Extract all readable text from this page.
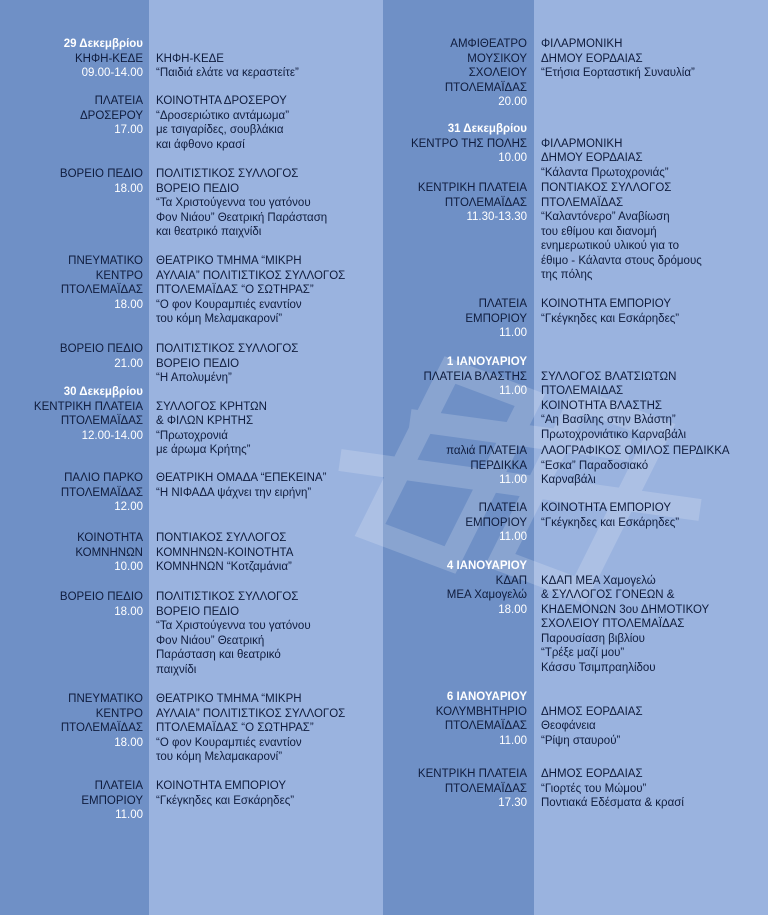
29 Δεκεμβρίου
ΚΗΦΗ-ΚΕΔΕ
09.00-14.00
ΚΗΦΗ-ΚΕΔΕ
“Παιδιά ελάτε να κεραστείτε”
ΠΛΑΤΕΙΑ
ΔΡΟΣΕΡΟΥ
17.00
ΚΟΙΝΟΤΗΤΑ ΔΡΟΣΕΡΟΥ
“Δροσεριώτικο αντάμωμα”
με τσιγαρίδες, σουβλάκια
και άφθονο κρασί
ΒΟΡΕΙΟ ΠΕΔΙΟ
18.00
ΠΟΛΙΤΙΣΤΙΚΟΣ ΣΥΛΛΟΓΟΣ
ΒΟΡΕΙΟ ΠΕΔΙΟ
“Τα Χριστούγεννα του γατόνου
Φον Νιάου” Θεατρική Παράσταση
και θεατρικό παιχνίδι
ΠΝΕΥΜΑΤΙΚΟ
ΚΕΝΤΡΟ
ΠΤΟΛΕΜΑΪΔΑΣ
18.00
ΘΕΑΤΡΙΚΟ ΤΜΗΜΑ “ΜΙΚΡΗ
ΑΥΛΑΙΑ” ΠΟΛΙΤΙΣΤΙΚΟΣ ΣΥΛΛΟΓΟΣ
ΠΤΟΛΕΜΑΪΔΑΣ “Ο ΣΩΤΗΡΑΣ”
“Ο φον Κουραμπιές εναντίον
του κόμη Μελαμακαρονί”
ΒΟΡΕΙΟ ΠΕΔΙΟ
21.00
ΠΟΛΙΤΙΣΤΙΚΟΣ ΣΥΛΛΟΓΟΣ
ΒΟΡΕΙΟ ΠΕΔΙΟ
“Η Απολυμένη”
30 Δεκεμβρίου
ΚΕΝΤΡΙΚΗ ΠΛΑΤΕΙΑ
ΠΤΟΛΕΜΑΪΔΑΣ
12.00-14.00
ΣΥΛΛΟΓΟΣ ΚΡΗΤΩΝ
& ΦΙΛΩΝ ΚΡΗΤΗΣ
“Πρωτοχρονιά
με άρωμα Κρήτης”
ΠΑΛΙΟ ΠΑΡΚΟ
ΠΤΟΛΕΜΑΪΔΑΣ
12.00
ΘΕΑΤΡΙΚΗ ΟΜΑΔΑ “ΕΠΕΚΕΙΝΑ”
“Η ΝΙΦΑΔΑ ψάχνει την ειρήνη”
ΚΟΙΝΟΤΗΤΑ
ΚΟΜΝΗΝΩΝ
10.00
ΠΟΝΤΙΑΚΟΣ ΣΥΛΛΟΓΟΣ
ΚΟΜΝΗΝΩΝ-ΚΟΙΝΟΤΗΤΑ
ΚΟΜΝΗΝΩΝ “Κοτζαμάνια”
ΒΟΡΕΙΟ ΠΕΔΙΟ
18.00
ΠΟΛΙΤΙΣΤΙΚΟΣ ΣΥΛΛΟΓΟΣ
ΒΟΡΕΙΟ ΠΕΔΙΟ
“Τα Χριστούγεννα του γατόνου
Φον Νιάου” Θεατρική
Παράσταση και θεατρικό
παιχνίδι
ΠΝΕΥΜΑΤΙΚΟ
ΚΕΝΤΡΟ
ΠΤΟΛΕΜΑΪΔΑΣ
18.00
ΘΕΑΤΡΙΚΟ ΤΜΗΜΑ “ΜΙΚΡΗ
ΑΥΛΑΙΑ” ΠΟΛΙΤΙΣΤΙΚΟΣ ΣΥΛΛΟΓΟΣ
ΠΤΟΛΕΜΑΪΔΑΣ “Ο ΣΩΤΗΡΑΣ”
“Ο φον Κουραμπιές εναντίον
του κόμη Μελαμακαρονί”
ΠΛΑΤΕΙΑ
ΕΜΠΟΡΙΟΥ
11.00
ΚΟΙΝΟΤΗΤΑ ΕΜΠΟΡΙΟΥ
“Γκέγκηδες και Εσκάρηδες”
ΑΜΦΙΘΕΑΤΡΟ
ΜΟΥΣΙΚΟΥ
ΣΧΟΛΕΙΟΥ
ΠΤΟΛΕΜΑΪΔΑΣ
20.00
ΦΙΛΑΡΜΟΝΙΚΗ
ΔΗΜΟΥ ΕΟΡΔΑΙΑΣ
“Ετήσια Εορταστική Συναυλία”
31 Δεκεμβρίου
ΚΕΝΤΡΟ ΤΗΣ ΠΟΛΗΣ
10.00
ΦΙΛΑΡΜΟΝΙΚΗ
ΔΗΜΟΥ ΕΟΡΔΑΙΑΣ
“Κάλαντα Πρωτοχρονιάς”
ΚΕΝΤΡΙΚΗ ΠΛΑΤΕΙΑ
ΠΤΟΛΕΜΑΪΔΑΣ
11.30-13.30
ΠΟΝΤΙΑΚΟΣ ΣΥΛΛΟΓΟΣ
ΠΤΟΛΕΜΑΪΔΑΣ
“Καλαντόνερο” Αναβίωση
του εθίμου και διανομή
ενημερωτικού υλικού για το
έθιμο - Κάλαντα στους δρόμους
της πόλης
ΠΛΑΤΕΙΑ
ΕΜΠΟΡΙΟΥ
11.00
ΚΟΙΝΟΤΗΤΑ ΕΜΠΟΡΙΟΥ
“Γκέγκηδες και Εσκάρηδες”
1 ΙΑΝΟΥΑΡΙΟΥ
ΠΛΑΤΕΙΑ ΒΛΑΣΤΗΣ
11.00
ΣΥΛΛΟΓΟΣ ΒΛΑΤΣΙΩΤΩΝ
ΠΤΟΛΕΜΑΙΔΑΣ
ΚΟΙΝΟΤΗΤΑ ΒΛΑΣΤΗΣ
“Αη Βασίλης στην Βλάστη”
Πρωτοχρονιάτικο Καρναβάλι
παλιά ΠΛΑΤΕΙΑ
ΠΕΡΔΙΚΚΑ
11.00
ΛΑΟΓΡΑΦΙΚΟΣ ΟΜΙΛΟΣ ΠΕΡΔΙΚΚΑ
“Εσκα” Παραδοσιακό
Καρναβάλι
ΠΛΑΤΕΙΑ
ΕΜΠΟΡΙΟΥ
11.00
ΚΟΙΝΟΤΗΤΑ ΕΜΠΟΡΙΟΥ
“Γκέγκηδες και Εσκάρηδες”
4 ΙΑΝΟΥΑΡΙΟΥ
ΚΔΑΠ
ΜΕΑ Χαμογελώ
18.00
ΚΔΑΠ ΜΕΑ Χαμογελώ
& ΣΥΛΛΟΓΟΣ ΓΟΝΕΩΝ &
ΚΗΔΕΜΟΝΩΝ 3ου ΔΗΜΟΤΙΚΟΥ
ΣΧΟΛΕΙΟΥ ΠΤΟΛΕΜΑΪΔΑΣ
Παρουσίαση βιβλίου
“Τρέξε μαζί μου”
Κάσσυ Τσιμπραηλίδου
6 ΙΑΝΟΥΑΡΙΟΥ
ΚΟΛΥΜΒΗΤΗΡΙΟ
ΠΤΟΛΕΜΑΪΔΑΣ
11.00
ΔΗΜΟΣ ΕΟΡΔΑΙΑΣ
Θεοφάνεια
“Ρίψη σταυρού”
ΚΕΝΤΡΙΚΗ ΠΛΑΤΕΙΑ
ΠΤΟΛΕΜΑΪΔΑΣ
17.30
ΔΗΜΟΣ ΕΟΡΔΑΙΑΣ
“Γιορτές του Μώμου”
Ποντιακά Εδέσματα & κρασί
